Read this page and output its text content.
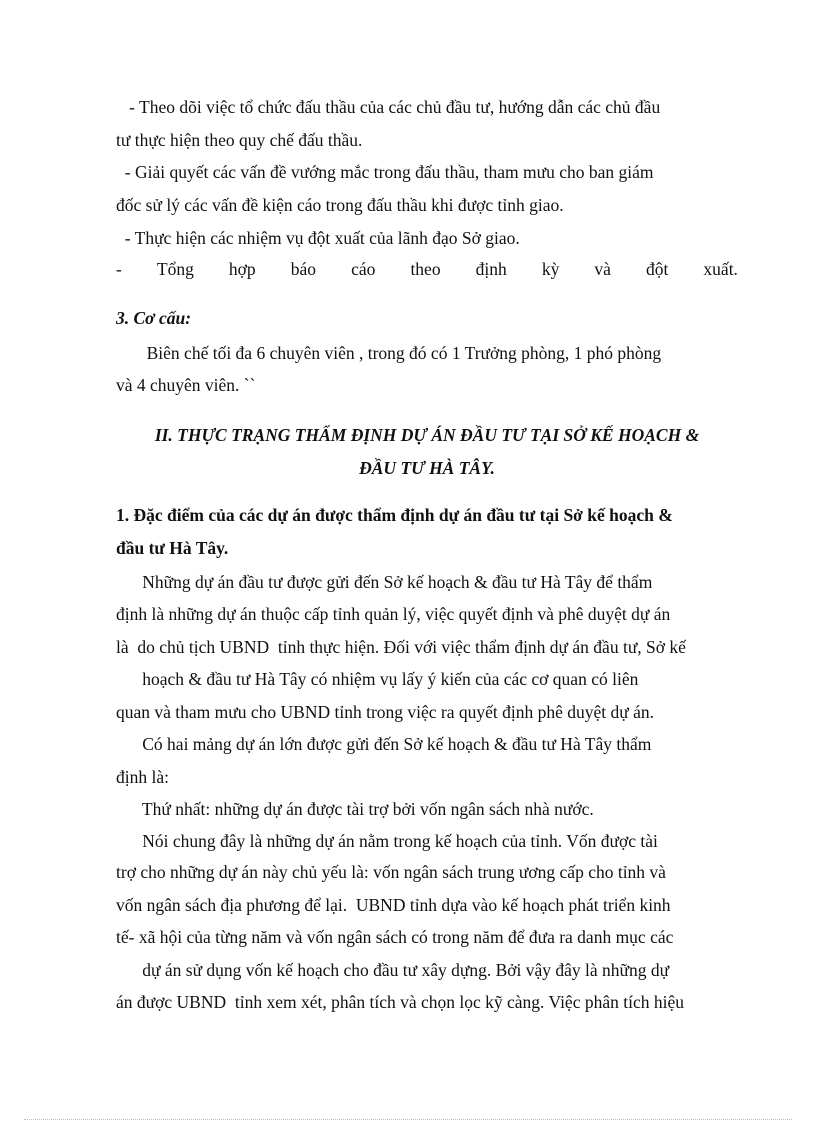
- Theo dõi việc tổ chức đấu thầu của các chủ đầu tư, hướng dẫn các chủ đầu

tư thực hiện theo quy chế đấu thầu.

- Giải quyết các vấn đề vướng mắc trong đấu thầu, tham mưu cho ban giám

đốc sử lý các vấn đề kiện cáo trong đấu thầu khi được tỉnh giao.

- Thực hiện các nhiệm vụ đột xuất của lãnh đạo Sở giao.

- Tổng hợp báo cáo theo định kỳ và đột xuất.

3. Cơ cấu:

Biên chế tối đa 6 chuyên viên , trong đó có 1 Trưởng phòng, 1 phó phòng

và 4 chuyên viên. ``

II. THỰC TRẠNG THẨM ĐỊNH DỰ ÁN ĐẦU TƯ TẠI SỞ KẾ HOẠCH &

ĐẦU TƯ HÀ TÂY.

1. Đặc điểm của các dự án được thẩm định dự án đầu tư tại Sở kế hoạch &

đầu tư Hà Tây.

Những dự án đầu tư được gửi đến Sở kế hoạch & đầu tư Hà Tây để thẩm

định là những dự án thuộc cấp tỉnh quản lý, việc quyết định và phê duyệt dự án

là  do chủ tịch UBND  tỉnh thực hiện. Đối với việc thẩm định dự án đầu tư, Sở kế

hoạch & đầu tư Hà Tây có nhiệm vụ lấy ý kiến của các cơ quan có liên

quan và tham mưu cho UBND tỉnh trong việc ra quyết định phê duyệt dự án.

Có hai mảng dự án lớn được gửi đến Sở kế hoạch & đầu tư Hà Tây thẩm

định là:

Thứ nhất: những dự án được tài trợ bởi vốn ngân sách nhà nước.

Nói chung đây là những dự án nằm trong kế hoạch của tỉnh. Vốn được tài

trợ cho những dự án này chủ yếu là: vốn ngân sách trung ương cấp cho tỉnh và

vốn ngân sách địa phương để lại.  UBND tỉnh dựa vào kế hoạch phát triển kinh

tế- xã hội của từng năm và vốn ngân sách có trong năm để đưa ra danh mục các

dự án sử dụng vốn kế hoạch cho đầu tư xây dựng. Bởi vậy đây là những dự

án được UBND  tỉnh xem xét, phân tích và chọn lọc kỹ càng. Việc phân tích hiệu
